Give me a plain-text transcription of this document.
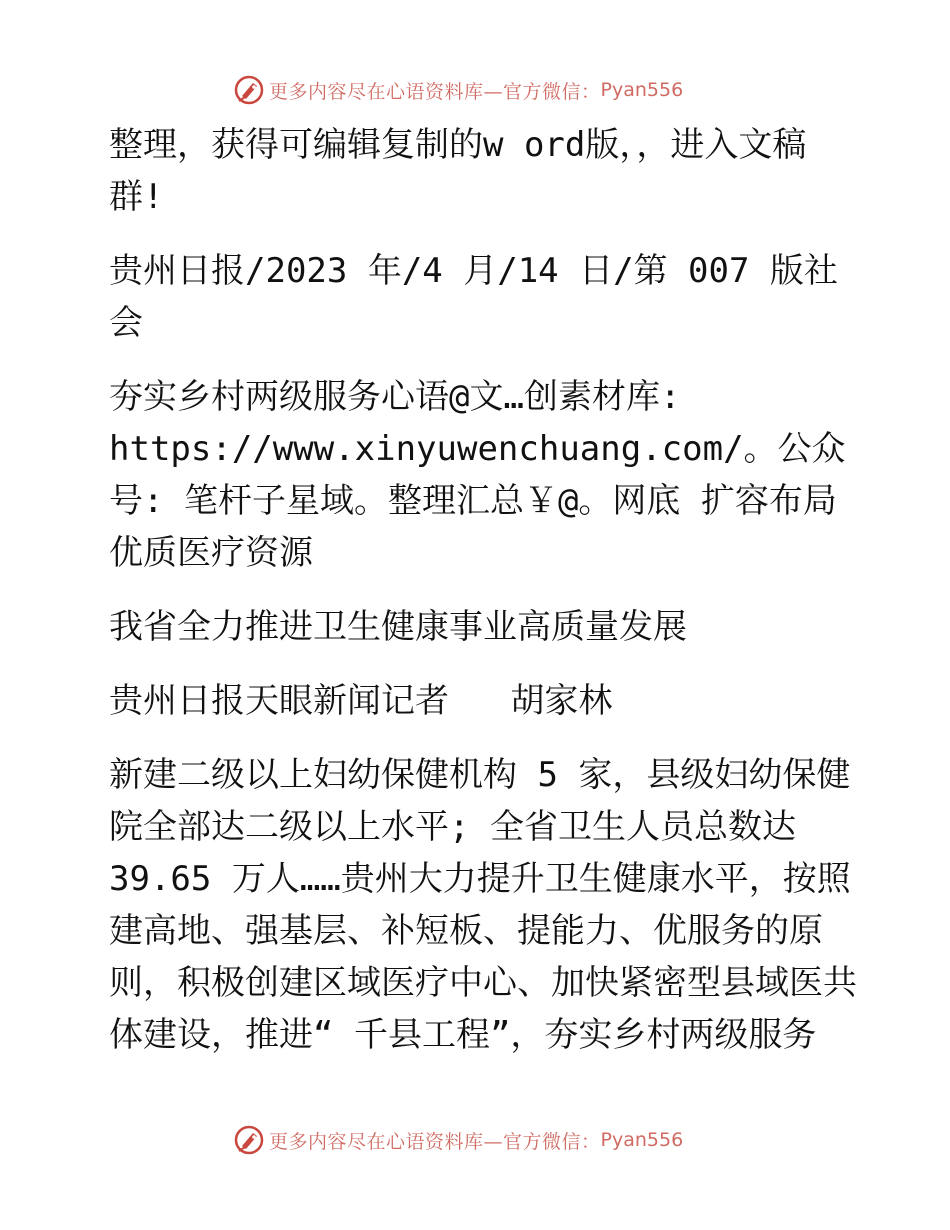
更多内容尽在心语资料库—官方微信： Pyan556

整理，获得可编辑复制的w ord版，，进入文稿群!

贵州日报/2023 年/4 月/14 日/第 007 版社会

夯实乡村两级服务心语@文…创素材库: https://www.xinyuwenchuang.com/。公众号: 笔杆子星域。整理汇总￥@。网底 扩容布局优质医疗资源

我省全力推进卫生健康事业高质量发展

贵州日报天眼新闻记者   胡家林

新建二级以上妇幼保健机构 5 家，县级妇幼保健院全部达二级以上水平; 全省卫生人员总数达39.65 万人……贵州大力提升卫生健康水平，按照建高地、强基层、补短板、提能力、优服务的原则，积极创建区域医疗中心、加快紧密型县域医共体建设，推进“ 千县工程”，夯实乡村两级服务

更多内容尽在心语资料库—官方微信： Pyan556
